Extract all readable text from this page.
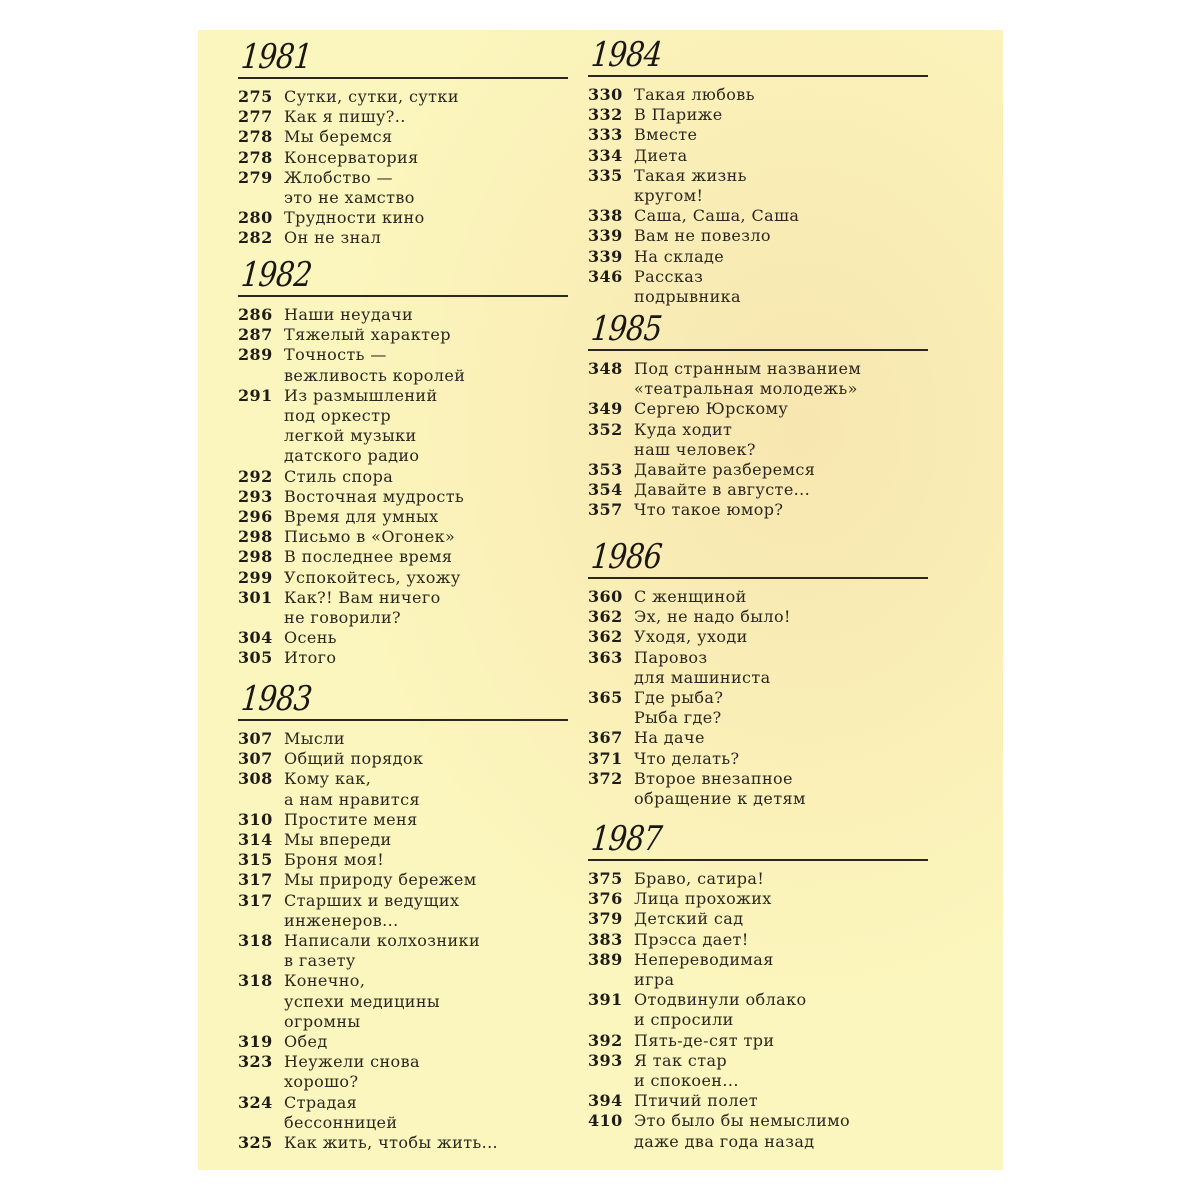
1981
275 Сутки, сутки, сутки
277 Как я пишу?..
278 Мы беремся
278 Консерватория
279 Жлобство —
это не хамство
280 Трудности кино
282 Он не знал
1982
286 Наши неудачи
287 Тяжелый характер
289 Точность —
вежливость королей
291 Из размышлений
под оркестр
легкой музыки
датского радио
292 Стиль спора
293 Восточная мудрость
296 Время для умных
298 Письмо в «Огонек»
298 В последнее время
299 Успокойтесь, ухожу
301 Как?! Вам ничего
не говорили?
304 Осень
305 Итого
1983
307 Мысли
307 Общий порядок
308 Кому как,
а нам нравится
310 Простите меня
314 Мы впереди
315 Броня моя!
317 Мы природу бережем
317 Старших и ведущих
инженеров...
318 Написали колхозники
в газету
318 Конечно,
успехи медицины
огромны
319 Обед
323 Неужели снова
хорошо?
324 Страдая
бессонницей
325 Как жить, чтобы жить...
1984
330 Такая любовь
332 В Париже
333 Вместе
334 Диета
335 Такая жизнь
кругом!
338 Саша, Саша, Саша
339 Вам не повезло
339 На складе
346 Рассказ
подрывника
1985
348 Под странным названием
«театральная молодежь»
349 Сергею Юрскому
352 Куда ходит
наш человек?
353 Давайте разберемся
354 Давайте в августе...
357 Что такое юмор?
1986
360 С женщиной
362 Эх, не надо было!
362 Уходя, уходи
363 Паровоз
для машиниста
365 Где рыба?
Рыба где?
367 На даче
371 Что делать?
372 Второе внезапное
обращение к детям
1987
375 Браво, сатира!
376 Лица прохожих
379 Детский сад
383 Прэсса дает!
389 Непереводимая
игра
391 Отодвинули облако
и спросили
392 Пять-де-сят три
393 Я так стар
и спокоен...
394 Птичий полет
410 Это было бы немыслимо
даже два года назад
